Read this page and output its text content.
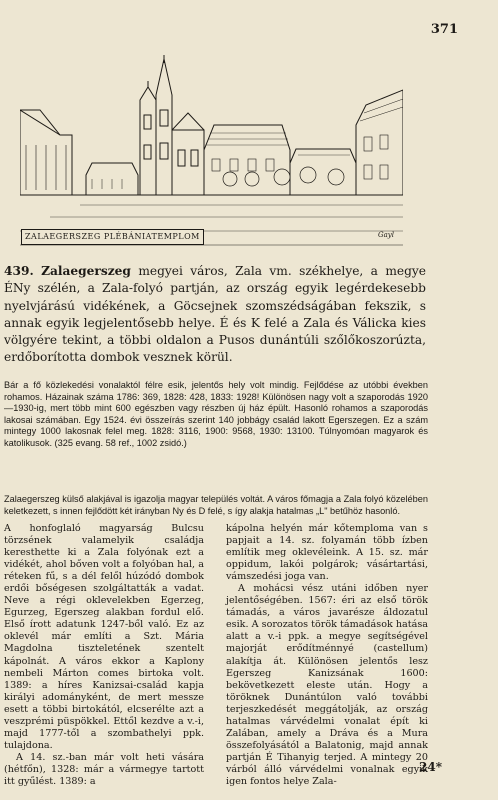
371
Gayl
ZALAEGERSZEG PLÉBÁNIATEMPLOM
439. Zalaegerszeg megyei város, Zala vm. székhelye, a megye ÉNy szélén, a Zala-folyó partján, az ország egyik legérdekesebb nyelvjárású vidékének, a Göcsejnek szomszédságában fekszik, s annak egyik legjelentősebb helye. É és K felé a Zala és Válicka kies völgyére tekint, a többi oldalon a Pusos dunántúli szőlőkoszorúzta, erdőborította dombok vesznek körül.
Bár a fő közlekedési vonalaktól félre esik, jelentős hely volt mindig. Fejlődése az utóbbi években rohamos. Házainak száma 1786: 369, 1828: 428, 1833: 1928! Különösen nagy volt a szaporodás 1920—1930-ig, mert több mint 600 egészben vagy részben új ház épült. Hasonló rohamos a szaporodás lakosai számában. Egy 1524. évi összeírás szerint 140 jobbágy család lakott Egerszegen. Ez a szám mintegy 1000 lakosnak felel meg. 1828: 3116, 1900: 9568, 1930: 13100. Túlnyomóan magyarok és katolikusok. (325 evang. 58 ref., 1002 zsidó.)
Zalaegerszeg külső alakjával is igazolja magyar település voltát. A város főmagja a Zala folyó közelében keletkezett, s innen fejlődött két irányban Ny és D felé, s így alakja hatalmas „L" betűhöz hasonló.

A honfoglaló magyarság Bulcsu törzsének valamelyik családja keresthette ki a Zala folyónak ezt a vidékét, ahol bőven volt a folyóban hal, a réteken fű, s a dél felől húzódó dombok erdői bőségesen szolgáltatták a vadat. Neve a régi oklevelekben Egerzeg, Egurzeg, Egerszeg alakban fordul elő. Első írott adatunk 1247-ből való. Ez az oklevél már említi a Szt. Mária Magdolna tiszteletének szentelt kápolnát. A város ekkor a Kaplony nembeli Márton comes birtoka volt. 1389: a híres Kanizsai-család kapja királyi adományként, de mert messze esett a többi birtokától, elcserélte azt a veszprémi püspökkel. Ettől kezdve a v.-i, majd 1777-től a szombathelyi ppk. tulajdona.

A 14. sz.-ban már volt heti vására (hétfőn), 1328: már a vármegye tartott itt gyűlést. 1389: a

kápolna helyén már kőtemploma van s papjait a 14. sz. folyamán több ízben említik meg oklevéleink. A 15. sz. már oppidum, lakói polgárok; vásártartási, vámszedési joga van.

A mohácsi vész utáni időben nyer jelentőségében. 1567: éri az első török támadás, a város javarésze áldozatul esik. A sorozatos török támadások hatása alatt a v.-i ppk. a megye segítségével majorját erődítménnyé (castellum) alakítja át. Különösen jelentős lesz Egerszeg Kanizsának 1600: bekövetkezett eleste után. Hogy a töröknek Dunántúlon való további terjeszkedését meggátolják, az ország hatalmas várvédelmi vonalat épít ki Zalában, amely a Dráva és a Mura összefolyásától a Balatonig, majd annak partján É Tihanyig terjed. A mintegy 20 várból álló várvédelmi vonalnak egyik igen fontos helye Zala-

24*
